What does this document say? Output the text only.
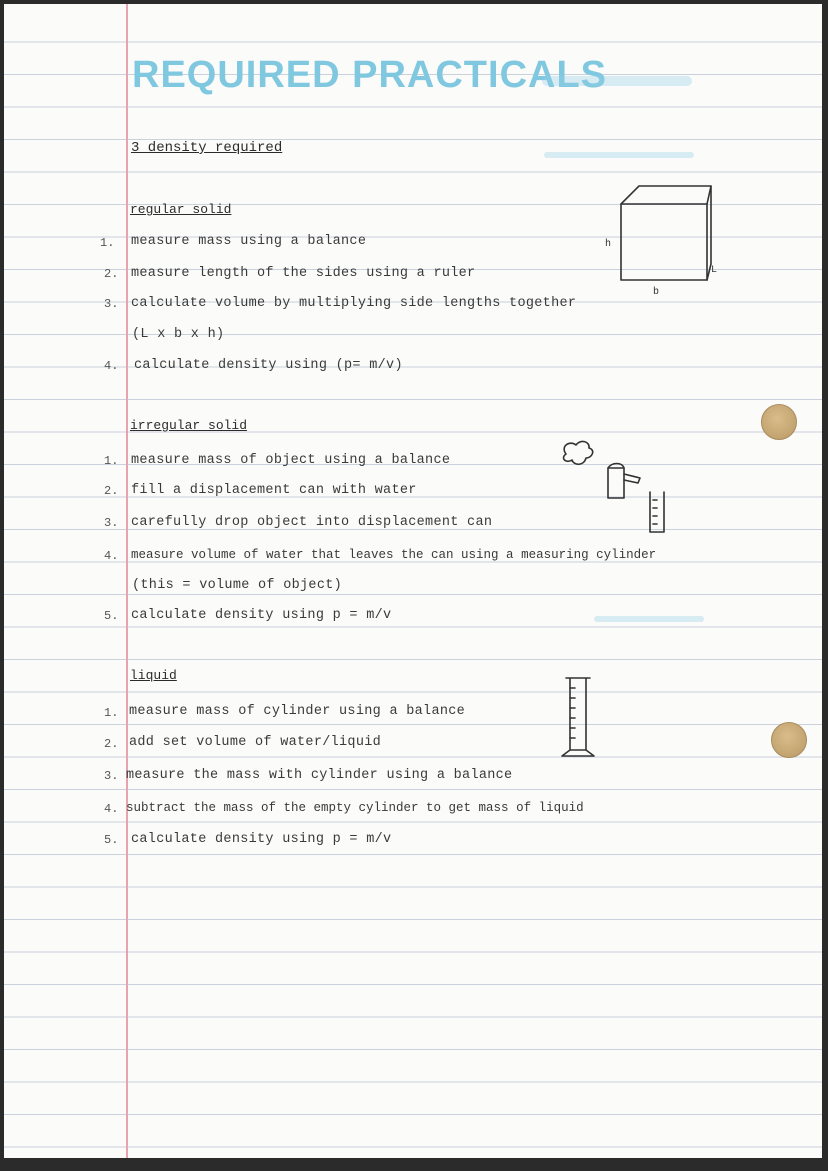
REQUIRED PRACTICALS
3 density required
regular solid
1. measure mass using a balance
2. measure length of the sides using a ruler
3. calculate volume by multiplying side lengths together
(L x b x h)
4. calculate density using (p= m/v)
h
b
L
irregular solid
1. measure mass of object using a balance
2. fill a displacement can with water
3. carefully drop object into displacement can
4. measure volume of water that leaves the can using a measuring cylinder
(this = volume of object)
5. calculate density using p = m/v
liquid
1. measure mass of cylinder using a balance
2. add set volume of water/liquid
3. measure the mass with cylinder using a balance
4. subtract the mass of the empty cylinder to get mass of liquid
5. calculate density using p = m/v
